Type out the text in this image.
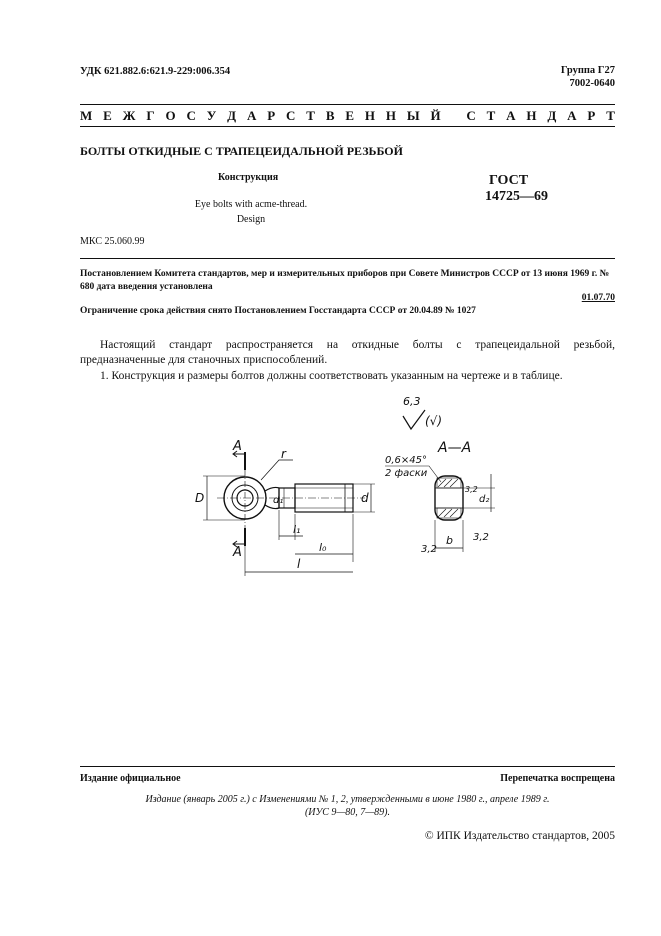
УДК 621.882.6:621.9-229:006.354	Группа Г27
7002-0640
М Е Ж Г О С У Д А Р С Т В Е Н Н Ы Й С Т А Н Д А Р Т
БОЛТЫ ОТКИДНЫЕ С ТРАПЕЦЕИДАЛЬНОЙ РЕЗЬБОЙ
Конструкция
Eye bolts with acme-thread.
Design
ГОСТ
14725—69
МКС 25.060.99
Постановлением Комитета стандартов, мер и измерительных приборов при Совете Министров СССР от 13 июня 1969 г. № 680 дата введения установлена
01.07.70
Ограничение срока действия снято Постановлением Госстандарта СССР от 20.04.89 № 1027
Настоящий стандарт распространяется на откидные болты с трапецеидальной резьбой, предназначенные для станочных приспособлений.
1. Конструкция и размеры болтов должны соответствовать указанным на чертеже и в таблице.
6,3
(√)
А—А
А
А
D
r
d₁	d
l₁
l₀
l
0,6×45°
2 фаски
d₂
3,2
b
3,2
3,2
Издание официальное	Перепечатка воспрещена
Издание (январь 2005 г.) с Изменениями № 1, 2, утвержденными в июне 1980 г., апреле 1989 г.
(ИУС 9—80, 7—89).
© ИПК Издательство стандартов, 2005
